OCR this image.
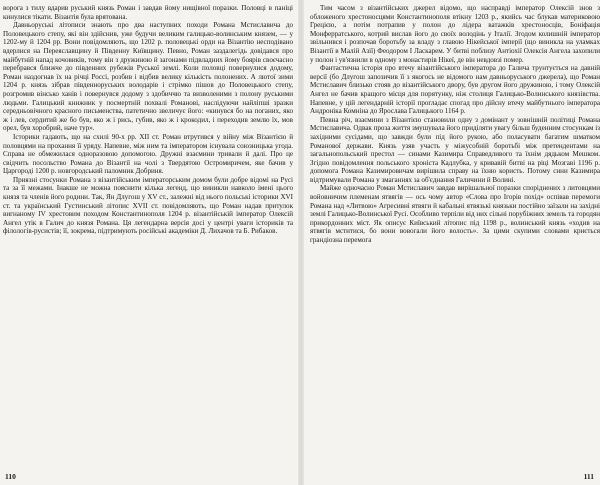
ворога з тилу вдарив руський князь Роман і завдав йому нищівної поразки. Половці в паніці кинулися тікати. Візантія була врятована.

Давньоруські літописи знають про два наступних походи Романа Мстиславича до Половецького степу, які він здійснив, уже будучи великим галицько-волинським князем, — у 1202-му й 1204 рр. Вони повідомляють, що 1202 р. половецькі орди на Візантію несподівано вдерлися на Переяславщину й Південну Київщину. Певно, Роман заздалегідь довідався про майбутній напад кочовиків, тому він з дружиною й загонами підвладних йому боярів своєчасно перебрався ближче до південних рубежів Руської землі. Коли половці повернулися додому, Роман наздогнав їх на річці Россі, розбив і відбив велику кількість полонених. А лютої зими 1204 р. князь зібрав південноруських володарів і стрімко пішов до Половецького степу, розгромив вінсько ханів і повернувся додому з здобиччю та визволеними з полону руськими людьми. Галицький книжник у посмертній похвалі Романові, наслідуючи найліпші зразки середньовічного красного письменства, патетично звеличує його: «кинувся бо на поганих, яко ж і лев, сердитий же бо був, яко ж і рись, губив, яко ж і крокодил, і переходив землю їх, мов орел, був хоробрий, наче тур».

Історики гадають, що на схилі 90-х рр. XII ст. Роман втрутився у війну між Візантією й половцями на прохання її уряду. Напевне, між ним та імператором існувала союзницька угода. Справа не обмежилася одноразовою допомогою. Дружні взаємини тривали й далі. Про це свідчить посольство Романа до Візантії на чолі з Твердятою Остромиричем, яке бачив у Царгороді 1200 р. новгородський паломник Добриня.

Приязні стосунки Романа з візантійським імператорським домом були добре відомі на Русі та за її межами. Інакше не можна пояснити кілька легенд, що виникли навколо імені цього князя та членів його родини. Так, Ян Длугош у XV ст., залежні від нього польські історики XVI ст. та український Густинський літопис XVII ст. повідомляють, що Роман надав притулок вигнаному IV хрестовим походом Константинополя 1204 р. візантійській імператор Олексій Ангел утік в Галич до князя Романа. Ця легендарна версія досі у центрі уваги істориків та філологів-русистів; її, зокрема, підтримують російські академіки Д. Лихачов та Б. Рибаков.

110

Тим часом з візантійських джерел відомо, що насправді імператор Олексій знов з обложеного хрестоносцями Константинополя втікну 1203 р., якийсь час блукав материковою Грецією, а потім потрапив у полон до лідера ватажків хрестоносців, Боніфація Монферратського, котрий виcлав його до своїх володінь у Італії. Згодом колишній імператор звільнився і розпочав боротьбу за владу з главою Нікейської імперії (що виникла на уламках Візантії в Малій Азії) Феодором І Ласкарем. У битві поблизу Антіохії Олексія Ангела захопили у полон і ув'язнили в одному з монастирів Нікеї, де він невдовзі помер.

Фантастична історія про втечу візантійського імператора до Галича трунтується на давній версії (бо Длугош запозичив її з якогось не відомого нам давньоруського джерела), що Роман Мстиславич близько стояв до візантійського двору, був другом його дружиною, і тому Олексій Ангел не бачив кращого місця для порятунку, ніж столиця Галицько-Волинського князівства. Напевне, у цій легендарній історії прогладає спогад про дійсну втечу майбутнього імператора Андроніка Комніна до Ярослава Галицького 1164 р.

Певна річ, взаємини з Візантією становили одну з домінант у зовнішній політиці Романа Мстиславича. Одвак проза життя змушувала його приділяти увагу більш буденним стосункам із західними сусідами, що завжди були під його рукою, або поласувати багатим шматком Романової держави. Князь узяв участь у міжусобній боротьбі між претендентами на загальнопольський престол — синами Казимира Справедливого та їхнім дядьком Мешком. Згідно повідомлення польського хроніста Кадлубка, у кривавій битві на ріці Мозгаві 1196 р. допомога Романа Казимировичам вирішила справу на їхню користь. Потому сини Казимира відтримували Романа у змаганнях за об'єднання Галичини й Волині.

Майже одночасно Роман Мстиславич завдав вирішальної поразки споріднених з литовцями войовничим племенам ятвягів — ось чому автор «Слова про Ігорів похід» оспівав перемоги Романа над «Литвою» Агресивні ятвяги й кабальні ятвязькі князьки постійно заїзали на західні землі Галицько-Волинської Русі. Особливо терпіли від них сільні порубіжних земель та городян прикордонних міст. Як описує Київський літопис під 1198 р., волинський князь «ходив на ятвягів мститися, бо вони вовогали його волость». За цими скупими словами криється грандіозна перемога

111
